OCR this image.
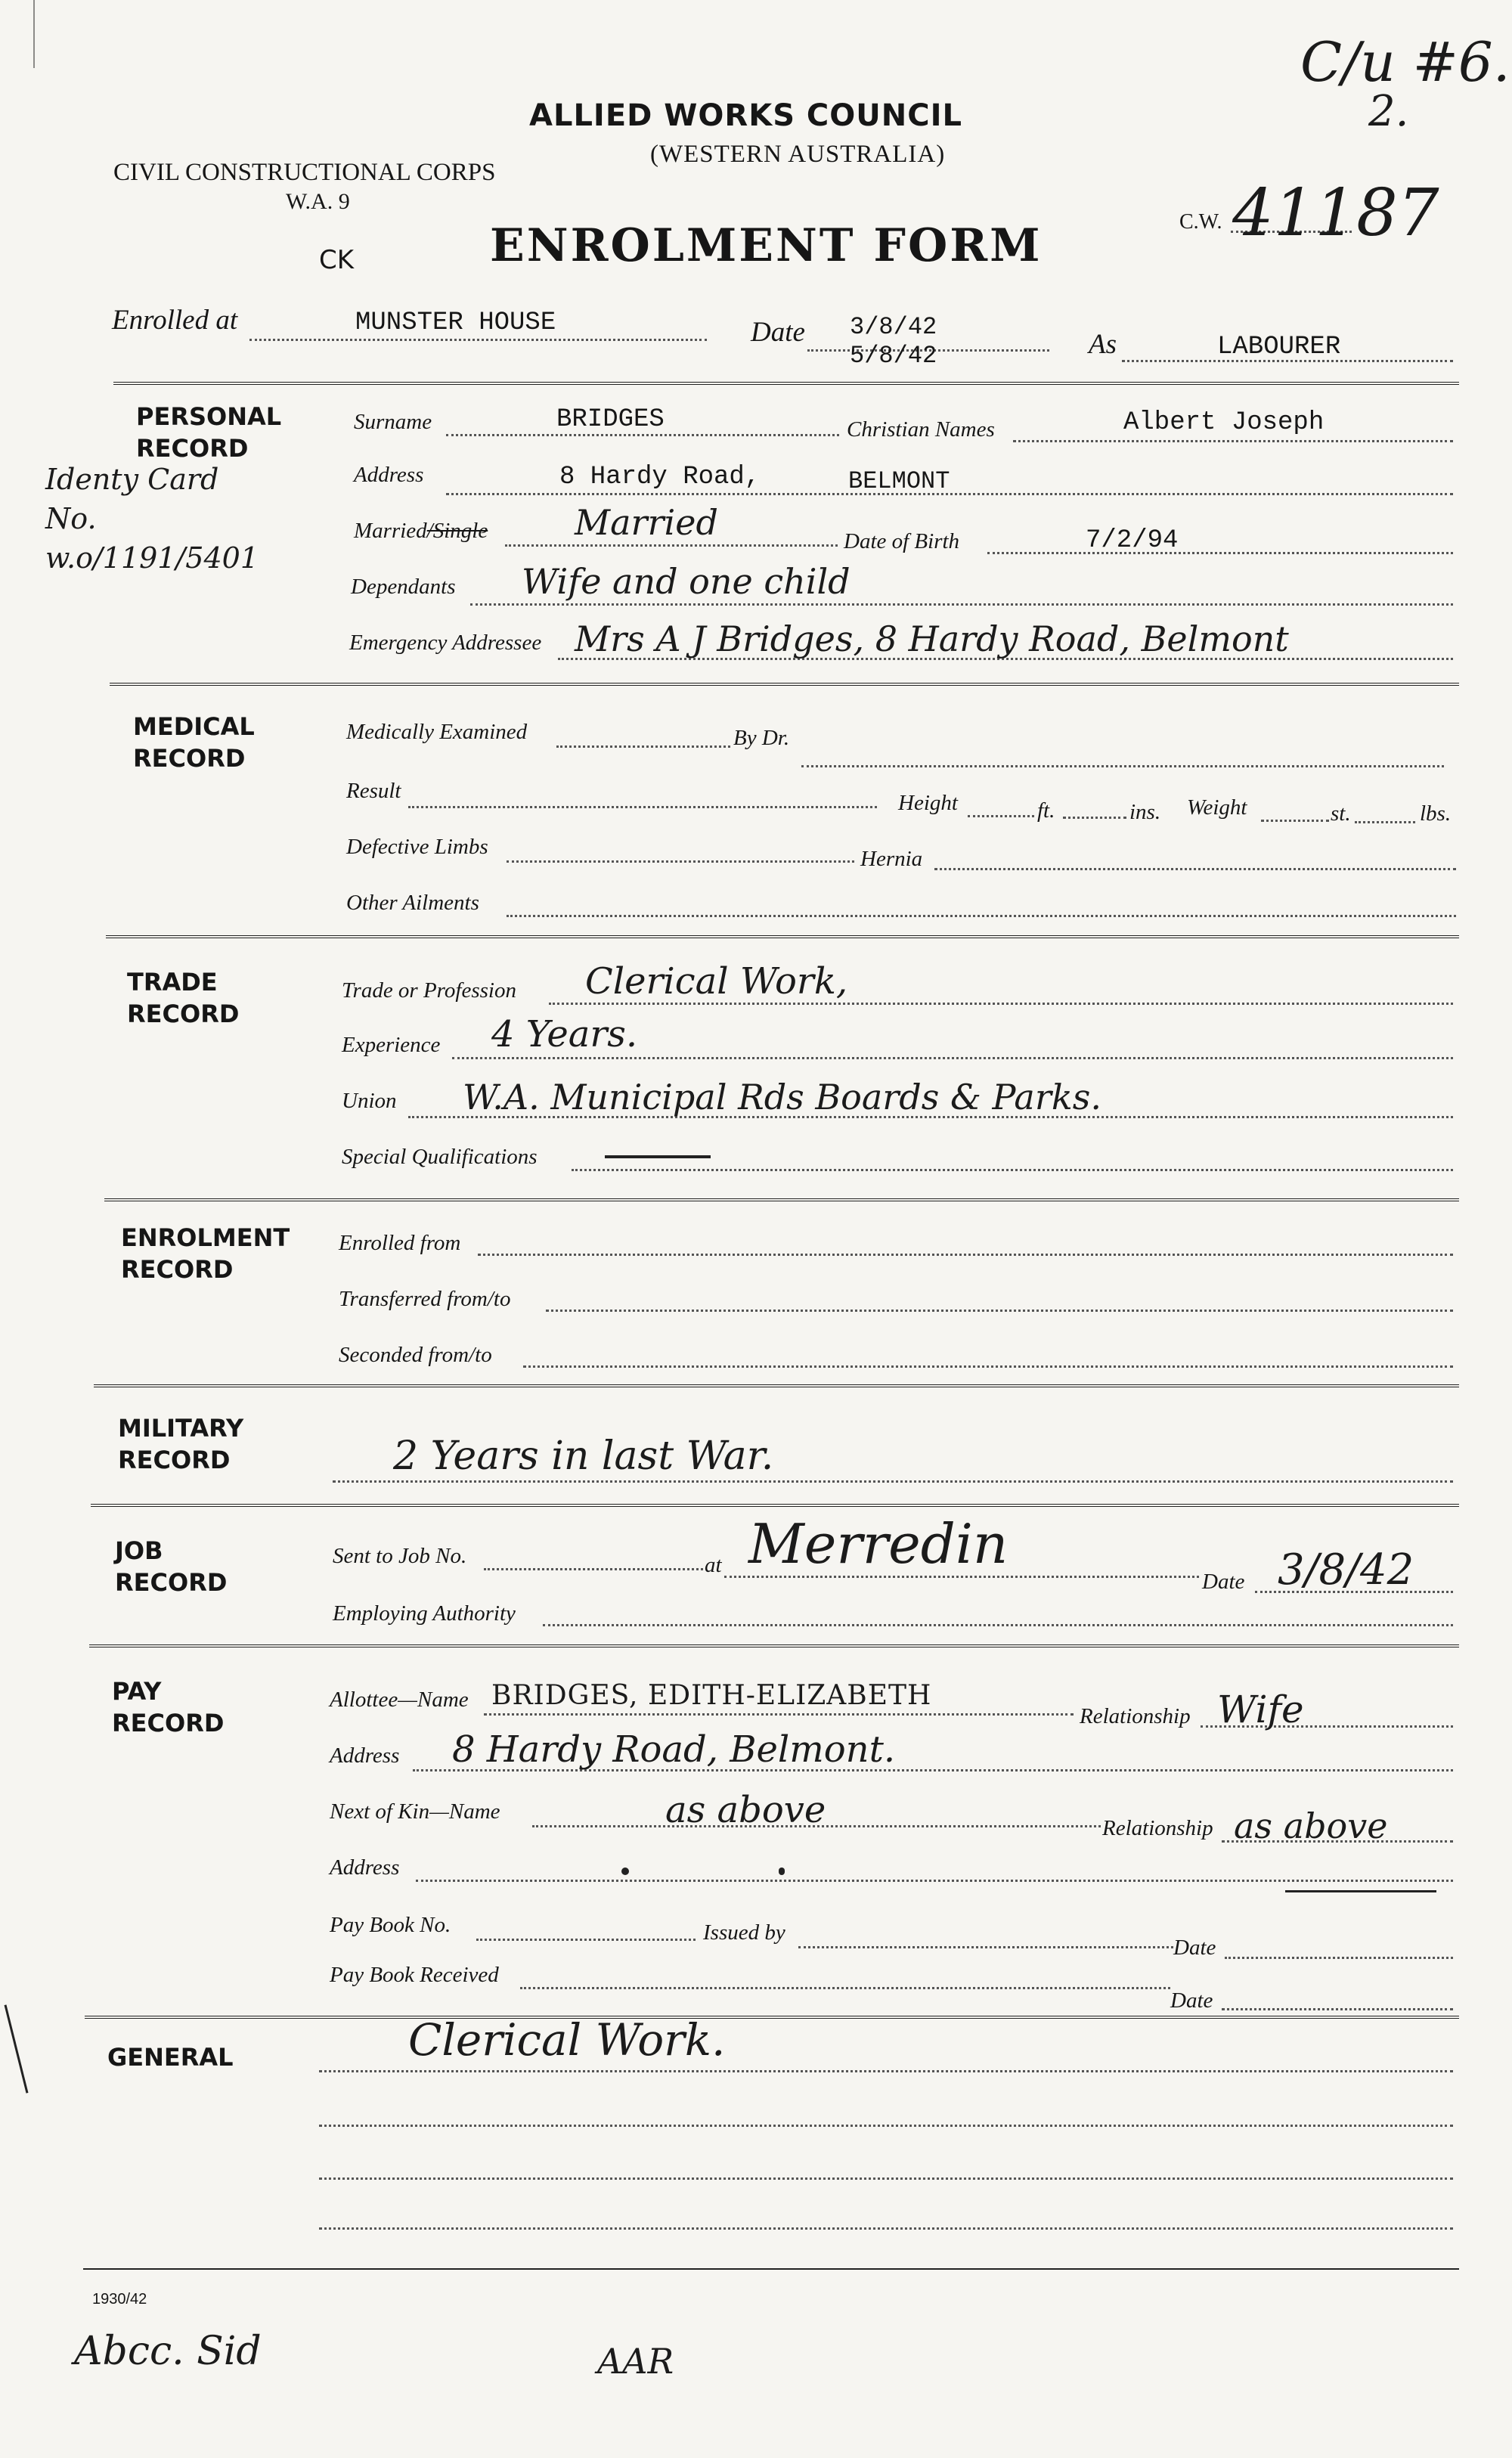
C/u #6.
2.
ALLIED WORKS COUNCIL
(WESTERN AUSTRALIA)
CIVIL CONSTRUCTIONAL CORPS
W.A. 9
CK	ENROLMENT FORM	C.W. 41187
Enrolled at	MUNSTER HOUSE	Date 3/8/42
5/8/42	As	LABOURER
PERSONAL RECORD
Identy Card No. w.o/1191/5401
Surname	BRIDGES	Christian Names	Albert Joseph
Address	8 Hardy Road,	BELMONT
Married/Single Married	Date of Birth	7/2/94
Dependants Wife and one child
Emergency Addressee Mrs A J Bridges, 8 Hardy Road, Belmont
MEDICAL RECORD
Medically Examined	By Dr.
Result	Height	ft.	ins. Weight	st.	lbs.
Defective Limbs	Hernia
Other Ailments
TRADE RECORD
Trade or Profession Clerical Work,
Experience 4 Years.
Union W.A. Municipal Rds Boards & Parks.
Special Qualifications
ENROLMENT RECORD
Enrolled from
Transferred from/to
Seconded from/to
MILITARY RECORD	2 Years in last War.
JOB RECORD
Sent to Job No.	at Merredin
Date 3/8/42
Employing Authority
PAY RECORD
Allottee—Name BRIDGES, EDITH-ELIZABETH
Relationship Wife
Address 8 Hardy Road, Belmont.
Next of Kin—Name	as above	Relationship as above
Address
Pay Book No.	Issued by
Date
Pay Book Received
Date
GENERAL	Clerical Work.
1930/42
Abcc. Sid	AAR
